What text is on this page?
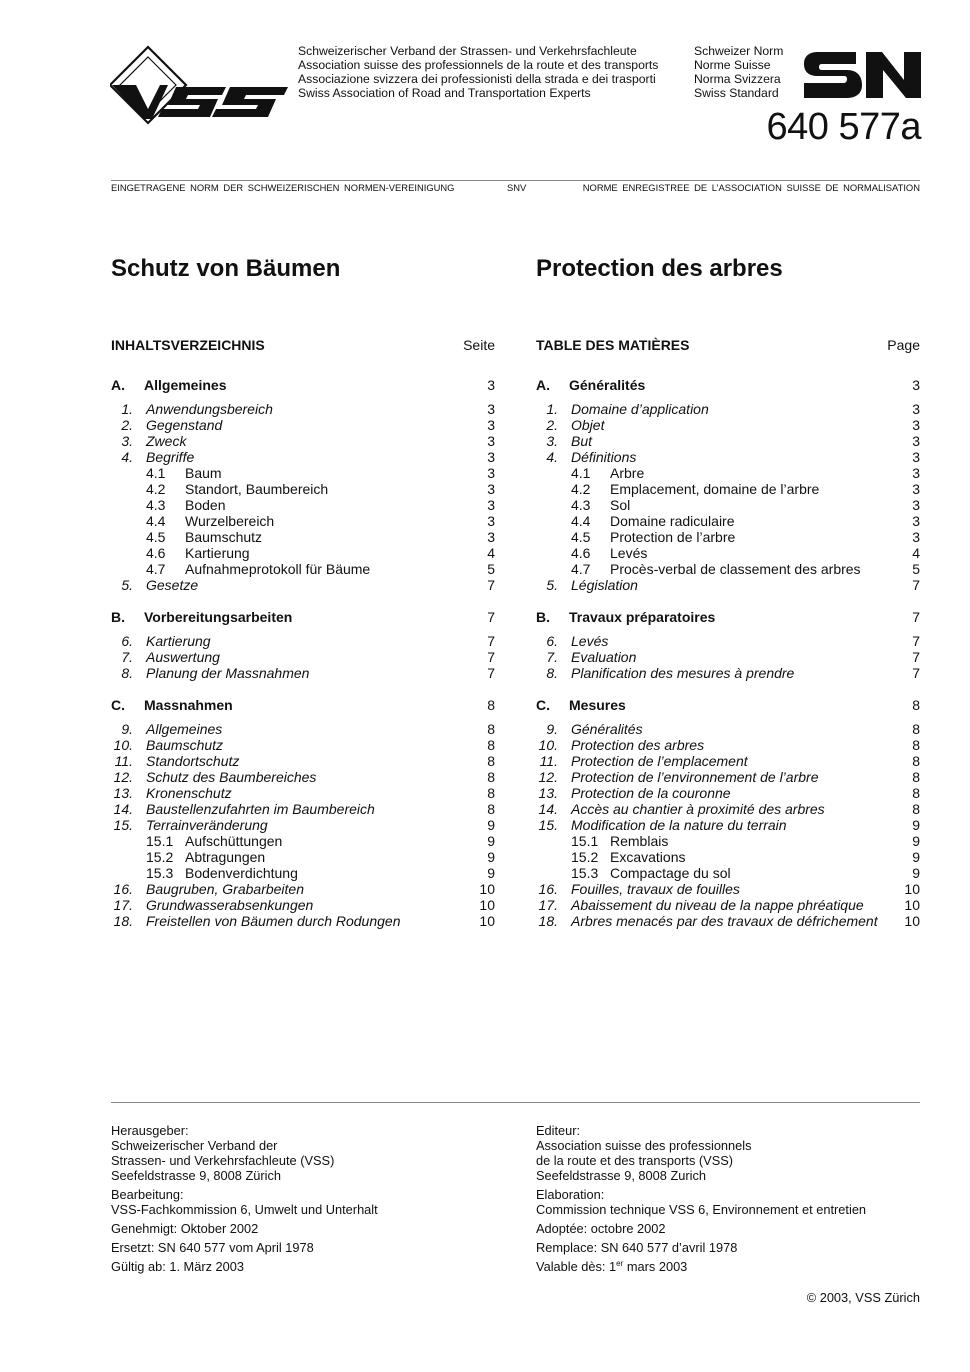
VSS	Schweizerischer Verband der Strassen- und Verkehrsfachleute
Association suisse des professionnels de la route et des transports
Associazione svizzera dei professionisti della strada e dei trasporti
Swiss Association of Road and Transportation Experts
Schweizer Norm
Norme Suisse
Norma Svizzera
Swiss Standard
SN
640 577a
EINGETRAGENE NORM DER SCHWEIZERISCHEN NORMEN-VEREINIGUNG	SNV	NORME ENREGISTREE DE L’ASSOCIATION SUISSE DE NORMALISATION
Schutz von Bäumen
INHALTSVERZEICHNIS	Seite
A.	Allgemeines	3
1. Anwendungsbereich	3
2. Gegenstand	3
3. Zweck	3
4. Begriffe	3
4.1	Baum	3
4.2	Standort, Baumbereich	3
4.3	Boden	3
4.4	Wurzelbereich	3
4.5	Baumschutz	3
4.6	Kartierung	4
4.7	Aufnahmeprotokoll für Bäume	5
5. Gesetze	7
B.	Vorbereitungsarbeiten	7
6. Kartierung	7
7. Auswertung	7
8. Planung der Massnahmen	7
C.	Massnahmen	8
9. Allgemeines	8
10. Baumschutz	8
11. Standortschutz	8
12. Schutz des Baumbereiches	8
13. Kronenschutz	8
14. Baustellenzufahrten im Baumbereich	8
15. Terrainveränderung	9
15.1 Aufschüttungen	9
15.2 Abtragungen	9
15.3 Bodenverdichtung	9
16. Baugruben, Grabarbeiten	10
17. Grundwasserabsenkungen	10
18. Freistellen von Bäumen durch Rodungen	10
Protection des arbres
TABLE DES MATIÈRES	Page
A.	Généralités	3
1. Domaine d’application	3
2. Objet	3
3. But	3
4. Définitions	3
4.1	Arbre	3
4.2	Emplacement, domaine de l’arbre	3
4.3	Sol	3
4.4	Domaine radiculaire	3
4.5	Protection de l’arbre	3
4.6	Levés	4
4.7	Procès-verbal de classement des arbres	5
5. Législation	7
B.	Travaux préparatoires	7
6. Levés	7
7. Evaluation	7
8. Planification des mesures à prendre	7
C.	Mesures	8
9. Généralités	8
10. Protection des arbres	8
11. Protection de l’emplacement	8
12. Protection de l’environnement de l’arbre	8
13. Protection de la couronne	8
14. Accès au chantier à proximité des arbres	8
15. Modification de la nature du terrain	9
15.1 Remblais	9
15.2 Excavations	9
15.3 Compactage du sol	9
16. Fouilles, travaux de fouilles	10
17. Abaissement du niveau de la nappe phréatique	10
18. Arbres menacés par des travaux de défrichement	10
Herausgeber:
Schweizerischer Verband der
Strassen- und Verkehrsfachleute (VSS)
Seefeldstrasse 9, 8008 Zürich
Bearbeitung:
VSS-Fachkommission 6, Umwelt und Unterhalt
Genehmigt: Oktober 2002
Ersetzt: SN 640 577 vom April 1978
Gültig ab: 1. März 2003
Editeur:
Association suisse des professionnels
de la route et des transports (VSS)
Seefeldstrasse 9, 8008 Zurich
Elaboration:
Commission technique VSS 6, Environnement et entretien
Adoptée: octobre 2002
Remplace: SN 640 577 d’avril 1978
Valable dès: 1er mars 2003
© 2003, VSS Zürich
